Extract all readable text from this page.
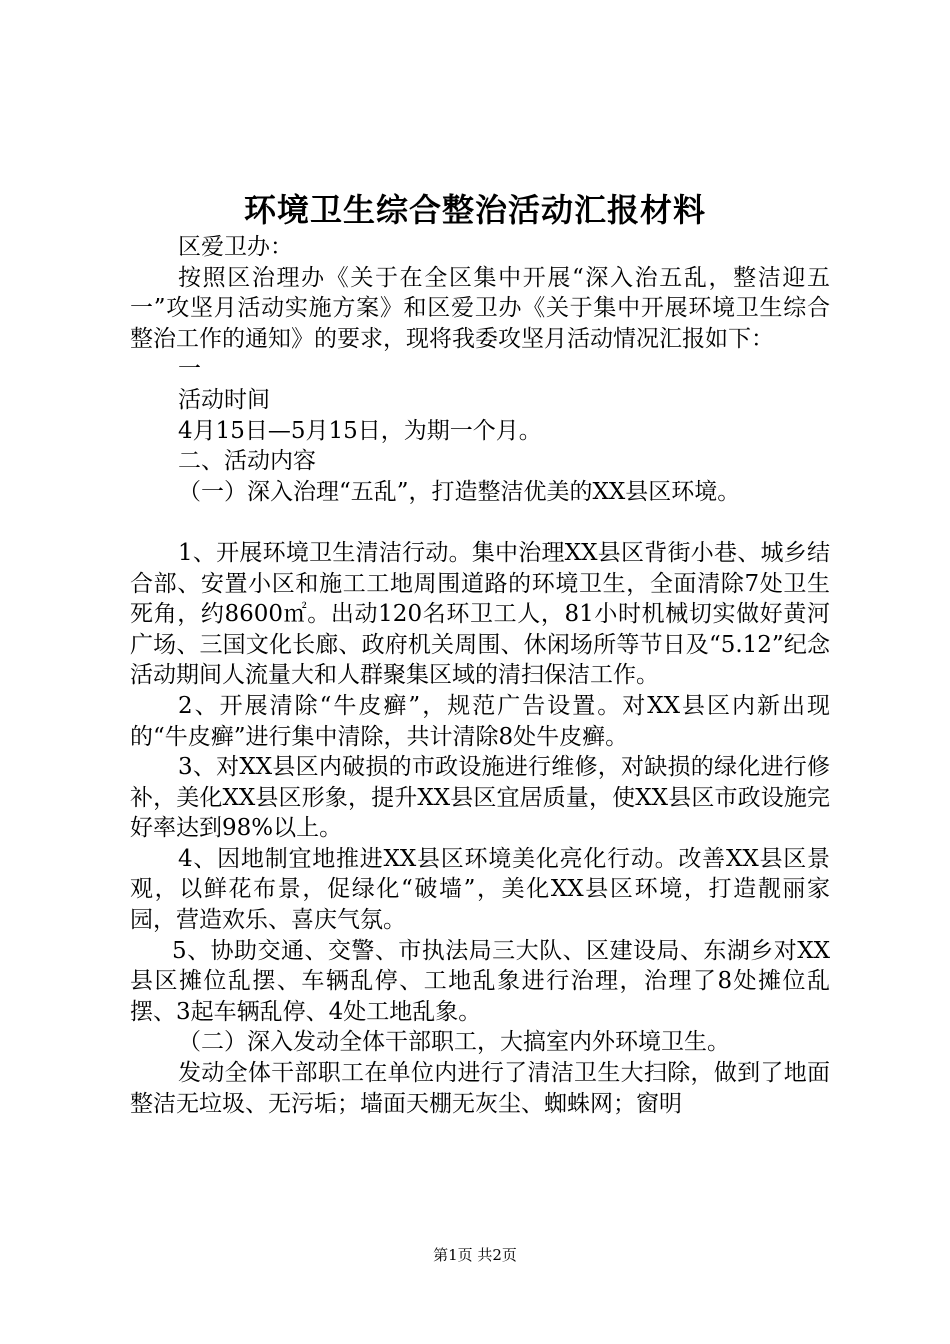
环境卫生综合整治活动汇报材料

区爱卫办：

按照区治理办《关于在全区集中开展“深入治五乱，整洁迎五一”攻坚月活动实施方案》和区爱卫办《关于集中开展环境卫生综合整治工作的通知》的要求，现将我委攻坚月活动情况汇报如下：

一

活动时间

4月15日—5月15日，为期一个月。

二、活动内容

（一）深入治理“五乱”，打造整洁优美的XX县区环境。

1、开展环境卫生清洁行动。集中治理XX县区背街小巷、城乡结合部、安置小区和施工工地周围道路的环境卫生，全面清除7处卫生死角，约8600㎡。出动120名环卫工人，81小时机械切实做好黄河广场、三国文化长廊、政府机关周围、休闲场所等节日及“5.12”纪念活动期间人流量大和人群聚集区域的清扫保洁工作。

2、开展清除“牛皮癣”，规范广告设置。对XX县区内新出现的“牛皮癣”进行集中清除，共计清除8处牛皮癣。

3、对XX县区内破损的市政设施进行维修，对缺损的绿化进行修补，美化XX县区形象，提升XX县区宜居质量，使XX县区市政设施完好率达到98%以上。

4、因地制宜地推进XX县区环境美化亮化行动。改善XX县区景观，以鲜花布景，促绿化“破墙”，美化XX县区环境，打造靓丽家园，营造欢乐、喜庆气氛。

5、协助交通、交警、市执法局三大队、区建设局、东湖乡对XX县区摊位乱摆、车辆乱停、工地乱象进行治理，治理了8处摊位乱摆、3起车辆乱停、4处工地乱象。

（二）深入发动全体干部职工，大搞室内外环境卫生。

发动全体干部职工在单位内进行了清洁卫生大扫除，做到了地面整洁无垃圾、无污垢；墙面天棚无灰尘、蜘蛛网；窗明

第1页 共2页
